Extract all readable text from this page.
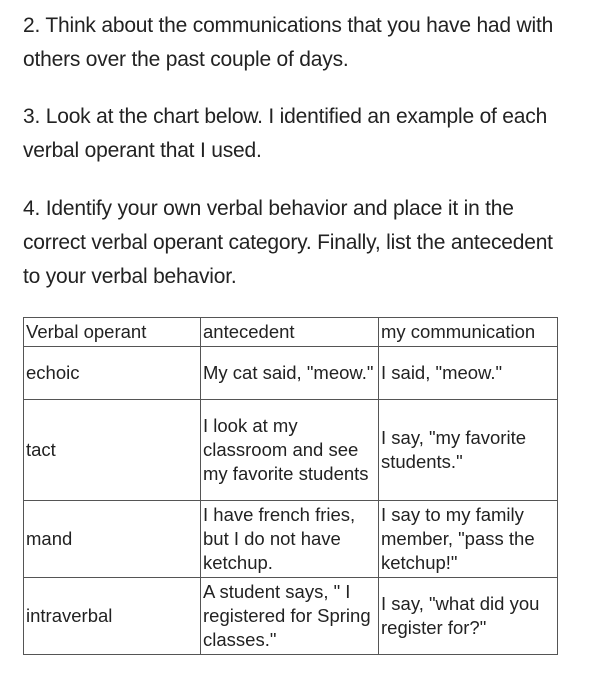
2. Think about the communications that you have had with others over the past couple of days.

3. Look at the chart below. I identified an example of each verbal operant that I used.

4. Identify your own verbal behavior and place it in the correct verbal operant category. Finally, list the antecedent to your verbal behavior.

Verbal operant	antecedent	my communication
echoic	My cat said, "meow."	I said, "meow."
tact	I look at my classroom and see my favorite students	I say, "my favorite students."
mand	I have french fries, but I do not have ketchup.	I say to my family member, "pass the ketchup!"
intraverbal	A student says, " I registered for Spring classes."	I say, "what did you register for?"
